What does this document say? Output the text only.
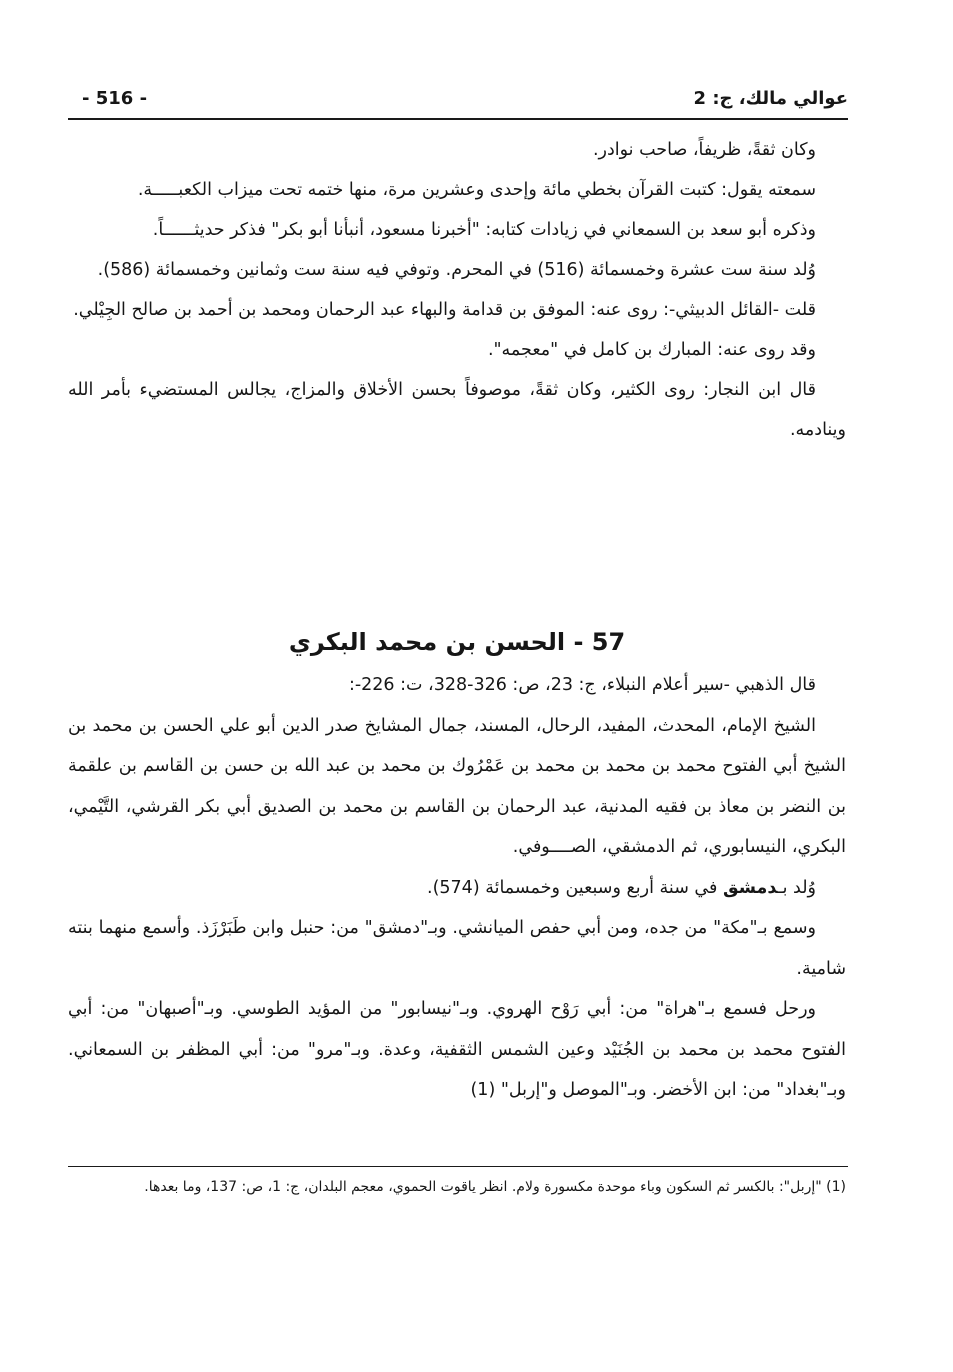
- 516 -	عوالي مالك، ج: 2

وكان ثقةً، ظريفاً، صاحب نوادر.

سمعته يقول: كتبت القرآن بخطي مائة وإحدى وعشرين مرة، منها ختمه تحت ميزاب الكعبـــــة.

وذكره أبو سعد بن السمعاني في زيادات كتابه: "أخبرنا مسعود، أنبأنا أبو بكر" فذكر حديثــــــاً.

وُلد سنة ست عشرة وخمسمائة (516) في المحرم. وتوفي فيه سنة ست وثمانين وخمسمائة (586).

قلت -القائل الدبيثي-: روى عنه: الموفق بن قدامة والبهاء عبد الرحمان ومحمد بن أحمد بن صالح الجِيْلي.

وقد روى عنه: المبارك بن كامل في "معجمه".

قال ابن النجار: روى الكثير، وكان ثقةً، موصوفاً بحسن الأخلاق والمزاج، يجالس المستضيء بأمر الله وينادمه.

57 - الحسن بن محمد البكري

قال الذهبي -سير أعلام النبلاء، ج: 23، ص: 326-328، ت: 226-:

الشيخ الإمام، المحدث، المفيد، الرحال، المسند، جمال المشايخ صدر الدين أبو علي الحسن بن محمد بن الشيخ أبي الفتوح محمد بن محمد بن محمد بن عَمْرُوك بن محمد بن عبد الله بن حسن بن القاسم بن علقمة بن النضر بن معاذ بن فقيه المدنية، عبد الرحمان بن القاسم بن محمد بن الصديق أبي بكر القرشي، التَّيْمي، البكري، النيسابوري، ثم الدمشقي، الصــــوفي.

وُلد بـدمشق في سنة أربع وسبعين وخمسمائة (574).

وسمع بـ"مكة" من جده، ومن أبي حفص الميانشي. وبـ"دمشق" من: حنبل وابن طَبَرْزَذ. وأسمع منهما بنته شامية.

ورحل فسمع بـ"هراة" من: أبي رَوْح الهروي. وبـ"نيسابور" من المؤيد الطوسي. وبـ"أصبهان" من: أبي الفتوح محمد بن محمد بن الجُنَيْد وعين الشمس الثقفية، وعدة. وبـ"مرو" من: أبي المظفر بن السمعاني. وبـ"بغداد" من: ابن الأخضر. وبـ"الموصل و"إربل" (1)

(1) "إربل": بالكسر ثم السكون وباء موحدة مكسورة ولام. انظر ياقوت الحموي، معجم البلدان، ج: 1، ص: 137، وما بعدها.
